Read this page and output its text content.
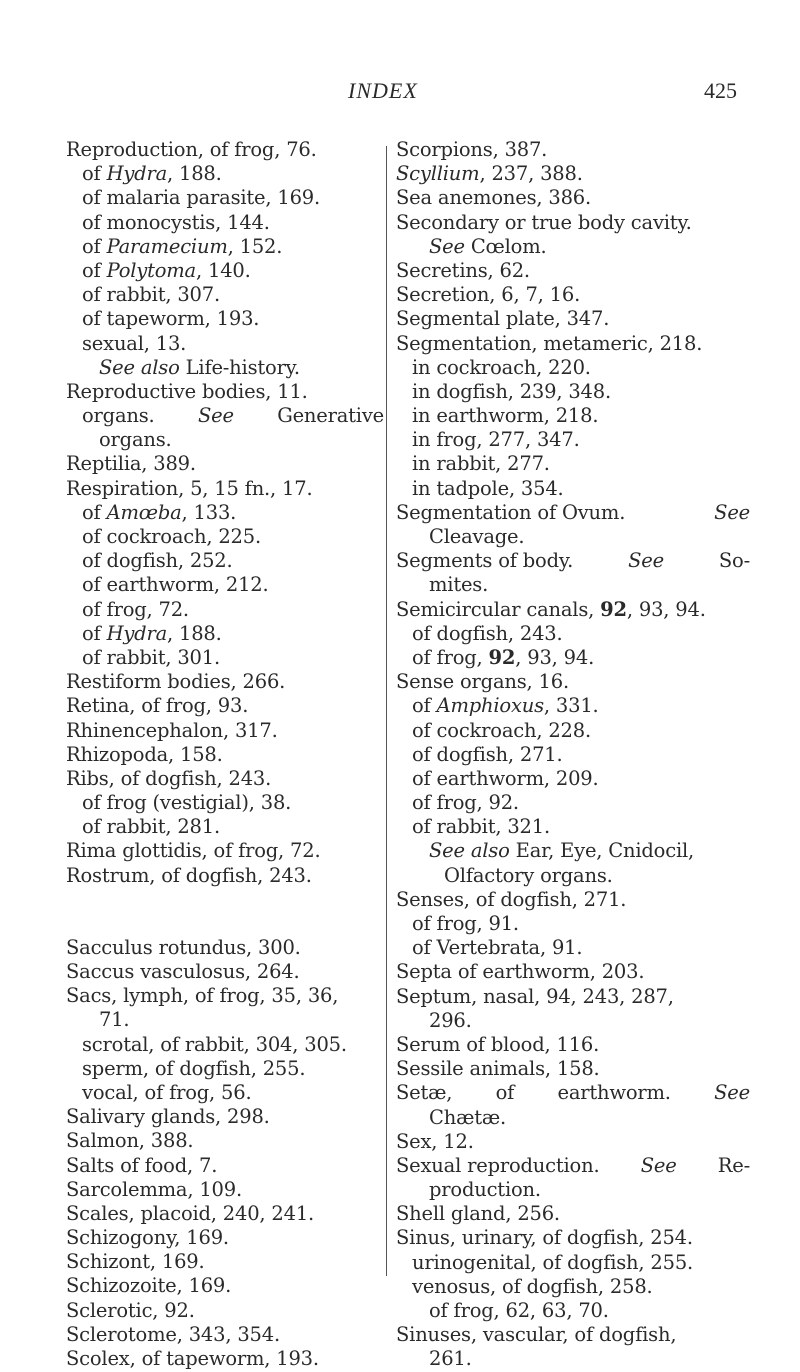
INDEX	425
Reproduction, of frog, 76.
of Hydra, 188.
of malaria parasite, 169.
of monocystis, 144.
of Paramecium, 152.
of Polytoma, 140.
of rabbit, 307.
of tapeworm, 193.
sexual, 13.
See also Life-history.
Reproductive bodies, 11.
organs. See Generative
organs.
Reptilia, 389.
Respiration, 5, 15 fn., 17.
of Amœba, 133.
of cockroach, 225.
of dogfish, 252.
of earthworm, 212.
of frog, 72.
of Hydra, 188.
of rabbit, 301.
Restiform bodies, 266.
Retina, of frog, 93.
Rhinencephalon, 317.
Rhizopoda, 158.
Ribs, of dogfish, 243.
of frog (vestigial), 38.
of rabbit, 281.
Rima glottidis, of frog, 72.
Rostrum, of dogfish, 243.
Sacculus rotundus, 300.
Saccus vasculosus, 264.
Sacs, lymph, of frog, 35, 36,
71.
scrotal, of rabbit, 304, 305.
sperm, of dogfish, 255.
vocal, of frog, 56.
Salivary glands, 298.
Salmon, 388.
Salts of food, 7.
Sarcolemma, 109.
Scales, placoid, 240, 241.
Schizogony, 169.
Schizont, 169.
Schizozoite, 169.
Sclerotic, 92.
Sclerotome, 343, 354.
Scolex, of tapeworm, 193.
Scorpions, 387.
Scyllium, 237, 388.
Sea anemones, 386.
Secondary or true body cavity.
See Cœlom.
Secretins, 62.
Secretion, 6, 7, 16.
Segmental plate, 347.
Segmentation, metameric, 218.
in cockroach, 220.
in dogfish, 239, 348.
in earthworm, 218.
in frog, 277, 347.
in rabbit, 277.
in tadpole, 354.
Segmentation of Ovum.	See
Cleavage.
Segments of body.	See	So-
mites.
Semicircular canals, 92, 93, 94.
of dogfish, 243.
of frog, 92, 93, 94.
Sense organs, 16.
of Amphioxus, 331.
of cockroach, 228.
of dogfish, 271.
of earthworm, 209.
of frog, 92.
of rabbit, 321.
See also Ear, Eye, Cnidocil,
Olfactory organs.
Senses, of dogfish, 271.
of frog, 91.
of Vertebrata, 91.
Septa of earthworm, 203.
Septum, nasal, 94, 243, 287,
296.
Serum of blood, 116.
Sessile animals, 158.
Setæ, of earthworm. See
Chætæ.
Sex, 12.
Sexual reproduction. See Re-
production.
Shell gland, 256.
Sinus, urinary, of dogfish, 254.
urinogenital, of dogfish, 255.
venosus, of dogfish, 258.
of frog, 62, 63, 70.
Sinuses, vascular, of dogfish,
261.
